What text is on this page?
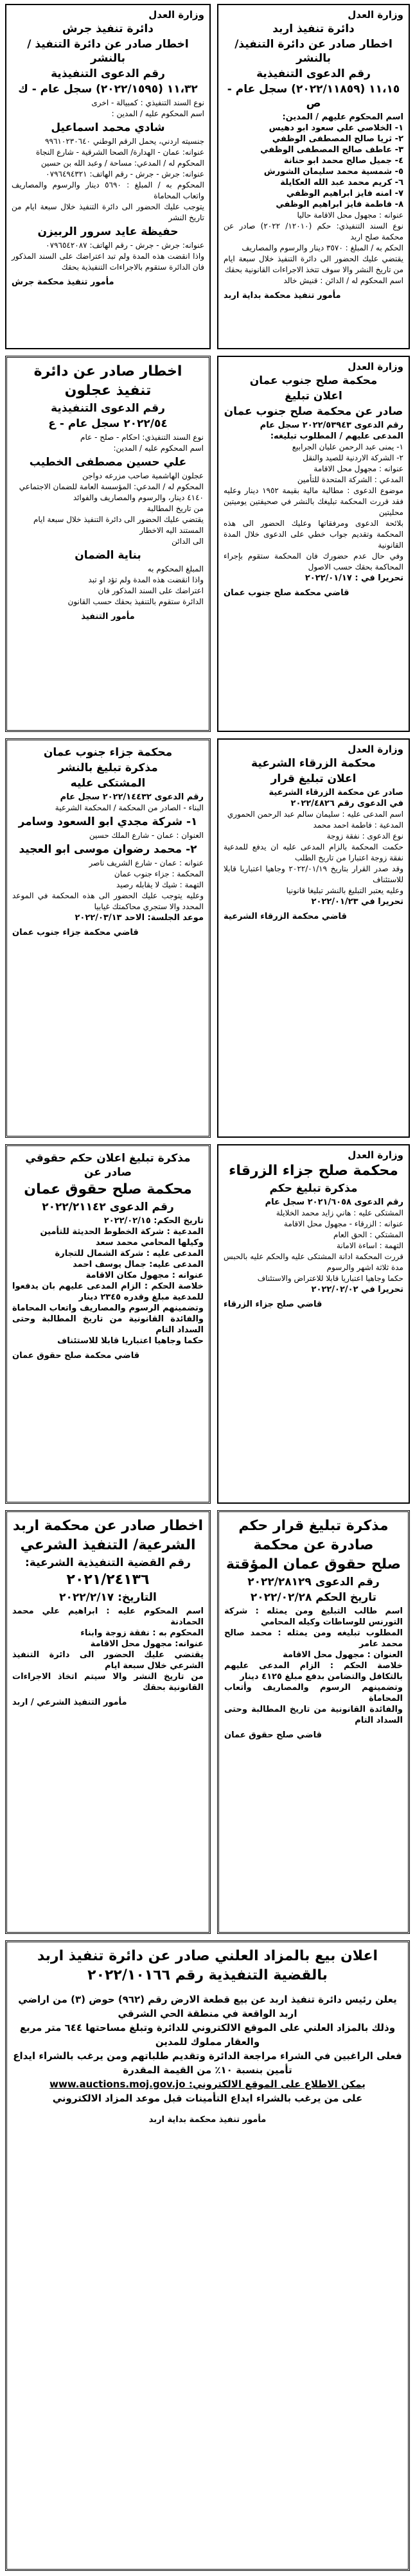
وزارة العدل
دائرة تنفيذ اربد
اخطار صادر عن دائرة التنفيذ/ بالنشر
رقم الدعوى التنفيذية
١١،١٥ (٢٠٢٢/١١٨٥٩) سجل عام - ص
اسم المحكوم عليهم / المدين:
١- الخلاصي علي سعود ابو دهيس
٢- ثريا صالح المصطفى الوظفي
٣- عاطف صالح المصطفى الوظفي
٤- جميل صالح محمد ابو حنانة
٥- شمسية محمد سليمان الشورش
٦- كريم محمد عبد الله العكايلة
٧- امنه فايز ابراهيم الوظفي
٨- فاطمة فايز ابراهيم الوظفي
عنوانه : مجهول محل الاقامة حاليا
نوع السند التنفيذي: حكم (١٢٠١٠/ ٢٠٢٢) صادر عن محكمة صلح اربد
الحكم به / المبلغ : ٣٥٧٠ دينار والرسوم والمصاريف
يقتضي عليك الحضور الى دائرة التنفيذ خلال سبعة ايام من تاريخ النشر والا سوف تتخذ الاجراءات القانونية بحقك
اسم المحكوم له / الدائن : قنيش خالد
مأمور تنفيذ محكمة بداية اربد
وزارة العدل
دائرة تنفيذ جرش
اخطار صادر عن دائرة التنفيذ / بالنشر
رقم الدعوى التنفيذية
١١،٣٢ (٢٠٢٢/١٥٩٥) سجل عام - ك
نوع السند التنفيذي : كمبيالة - اخرى
اسم المحكوم عليه / المدين :
شادي محمد اسماعيل
جنسيته اردني، يحمل الرقم الوطني ٩٩٦١٠٢٣٠٦٤٠
عنوانه: عمان - الهدارة/ الصحا الشرقية - شارع النجاة
المحكوم له / المدعي: مساحة / وعبد الله بن حسين
عنوانه: جرش - جرش - رقم الهاتف: ٠٧٩٦٤٩٤٣٢١
المحكوم به / المبلغ : ٥٦٩٠ دينار والرسوم والمصاريف واتعاب المحاماة
يتوجب عليك الحضور الى دائرة التنفيذ خلال سبعة ايام من تاريخ النشر
حفيظة عايد سرور الربيزن
عنوانه: جرش - جرش - رقم الهاتف: ٠٧٩٦٥٤٢٠٨٧
واذا انقضت هذه المدة ولم تبد اعتراضك على السند المذكور فان الدائرة ستقوم بالاجراءات التنفيذية بحقك
مأمور تنفيذ محكمة جرش
وزارة العدل
محكمة صلح جنوب عمان
اعلان تبليغ
صادر عن محكمة صلح جنوب عمان
رقم الدعوى ٢٠٢٢/٥٣٩٤٣ سجل عام
المدعى عليهم / المطلوب تبليغه:
١- يمنى عبد الرحمن عليان الجرابيع
٢- الشركة الاردنية للصيد والنقل
عنوانه : مجهول محل الاقامة
المدعي : الشركة المتحدة للتأمين
موضوع الدعوى : مطالبة مالية بقيمة ١٩٥٢ دينار وعليه فقد قررت المحكمة تبليغك بالنشر في صحيفتين يوميتين محليتين
بلائحة الدعوى ومرفقاتها وعليك الحضور الى هذه المحكمة وتقديم جواب خطي على الدعوى خلال المدة القانونية
وفي حال عدم حضورك فان المحكمة ستقوم بإجراء المحاكمة بحقك حسب الاصول
تحريرا في : ٢٠٢٢/٠١/١٧
قاضي محكمة صلح جنوب عمان
اخطار صادر عن دائرة
تنفيذ عجلون
رقم الدعوى التنفيذية
٢٠٢٢/٥٤ سجل عام - ع
نوع السند التنفيذي: احكام - صلح - عام
اسم المحكوم عليه / المدين:
علي حسين مصطفى الخطيب
عجلون الهاشمية صاحب مزرعه دواجن
المحكوم له / المدعي: المؤسسة العامة للضمان الاجتماعي
٤١٤٠ دينار، والرسوم والمصاريف والفوائد
من تاريخ المطالبة
يقتضي عليك الحضور الى دائرة التنفيذ خلال سبعة ايام
المستند اليه الاخطار
الى الدائن
بناية الضمان
المبلغ المحكوم به
واذا انقضت هذه المدة ولم تؤد او تبد
اعتراضك على السند المذكور فان
الدائرة ستقوم بالتنفيذ بحقك حسب القانون
مأمور التنفيذ
وزارة العدل
محكمة الزرقاء الشرعية
اعلان تبليغ قرار
صادر عن محكمة الزرقاء الشرعية
في الدعوى رقم ٢٠٢٢/٤٨٢٦
اسم المدعى عليه : سليمان سالم عبد الرحمن الحموري
المدعية : فاطمة احمد محمد
نوع الدعوى : نفقة زوجة
حكمت المحكمة بالزام المدعى عليه ان يدفع للمدعية نفقة زوجة اعتبارا من تاريخ الطلب
وقد صدر القرار بتاريخ ٢٠٢٢/٠١/١٩ وجاهيا اعتباريا قابلا للاستئناف
وعليه يعتبر التبليغ بالنشر تبليغا قانونيا
تحريرا في ٢٠٢٢/٠١/٢٣
قاضي محكمة الزرقاء الشرعية
محكمة جزاء جنوب عمان
مذكرة تبليغ بالنشر
المشتكى عليه
رقم الدعوى ٢٠٢٢/١٤٤٣٢ سجل عام
البناء - الصادر من المحكمة / المحكمة الشرعية
١- شركة مجدي ابو السعود وسامر
العنوان : عمان - شارع الملك حسين
٢- محمد رضوان موسى ابو العجيد
عنوانه : عمان - شارع الشريف ناصر
المحكمة : جزاء جنوب عمان
التهمة : شيك لا يقابله رصيد
وعليه يتوجب عليك الحضور الى هذه المحكمة في الموعد المحدد والا ستجري محاكمتك غيابيا
موعد الجلسة: الاحد ٢٠٢٢/٠٣/١٣
قاضي محكمة جزاء جنوب عمان
وزارة العدل
محكمة صلح جزاء الزرقاء
مذكرة تبليغ حكم
رقم الدعوى ٢٠٢١/٦٠٥٨ سجل عام
المشتكى عليه : هاني زايد محمد الخلايلة
عنوانه : الزرقاء - مجهول محل الاقامة
المشتكي : الحق العام
التهمة : اساءة الامانة
قررت المحكمة ادانة المشتكى عليه والحكم عليه بالحبس مدة ثلاثة اشهر والرسوم
حكما وجاهيا اعتباريا قابلا للاعتراض والاستئناف
تحريرا في ٢٠٢٢/٠٢/٠٢
قاضي صلح جزاء الزرقاء
مذكرة تبليغ اعلان حكم حقوقي صادر عن
محكمة صلح حقوق عمان
رقم الدعوى ٢٠٢٢/٢١١٤٢
تاريخ الحكم: ٢٠٢٢/٠٢/١٥
المدعية : شركة الخطوط الحديثة للتأمين
وكيلها المحامي محمد سعد
المدعى عليه : شركة الشمال للتجارة
المدعى عليه: جمال يوسف احمد
عنوانه : مجهول مكان الاقامة
خلاصة الحكم : الزام المدعى عليهم بان يدفعوا للمدعية مبلغ وقدره ٢٣٤٥ دينار
وتضمينهم الرسوم والمصاريف واتعاب المحاماة والفائدة القانونية من تاريخ المطالبة وحتى السداد التام
حكما وجاهيا اعتباريا قابلا للاستئناف
قاضي محكمة صلح حقوق عمان
مذكرة تبليغ قرار حكم
صادرة عن محكمة
صلح حقوق عمان المؤقتة
رقم الدعوى ٢٠٢٢/٢٨١٢٩
تاريخ الحكم ٢٠٢٢/٠٢/٢٨
اسم طالب التبليغ ومن يمثله : شركة التورنس للوساطات وكيله المحامي
المطلوب تبليغه ومن يمثله : محمد صالح محمد عامر
العنوان : مجهول محل الاقامة
خلاصة الحكم : الزام المدعى عليهم بالتكافل والتضامن بدفع مبلغ ٤١٢٥ دينار
وتضمينهم الرسوم والمصاريف وأتعاب المحاماة
والفائدة القانونية من تاريخ المطالبة وحتى السداد التام
قاضي صلح حقوق عمان
اخطار صادر عن محكمة اربد
الشرعية/ التنفيذ الشرعي
رقم القضية التنفيذية الشرعية:
٢٠٢١/٢٤١٣٦
التاريخ: ٢٠٢٢/٢/١٧
اسم المحكوم عليه : ابراهيم علي محمد الحمادنة
المحكوم به : نفقة زوجة وابناء
عنوانه: مجهول محل الاقامة
يقتضي عليك الحضور الى دائرة التنفيذ الشرعي خلال سبعة ايام
من تاريخ النشر والا سيتم اتخاذ الاجراءات القانونية بحقك
مأمور التنفيذ الشرعي / اربد
اعلان بيع بالمزاد العلني صادر عن دائرة تنفيذ اربد
بالقضية التنفيذية رقم ٢٠٢٢/١٠١٦٦
يعلن رئيس دائرة تنفيذ اربد عن بيع قطعة الارض رقم (٩٦٢) حوض (٣) من اراضي اربد الواقعة في منطقة الحي الشرقي
وذلك بالمزاد العلني على الموقع الالكتروني للدائرة وتبلغ مساحتها ٦٤٤ متر مربع والعقار مملوك للمدين
فعلى الراغبين في الشراء مراجعة الدائرة وتقديم طلباتهم ومن يرغب بالشراء ايداع تأمين بنسبة ١٠٪ من القيمة المقدرة
يمكن الاطلاع على الموقع الالكتروني: www.auctions.moj.gov.jo
على من يرغب بالشراء ايداع التأمينات قبل موعد المزاد الالكتروني
مأمور تنفيذ محكمة بداية اربد
